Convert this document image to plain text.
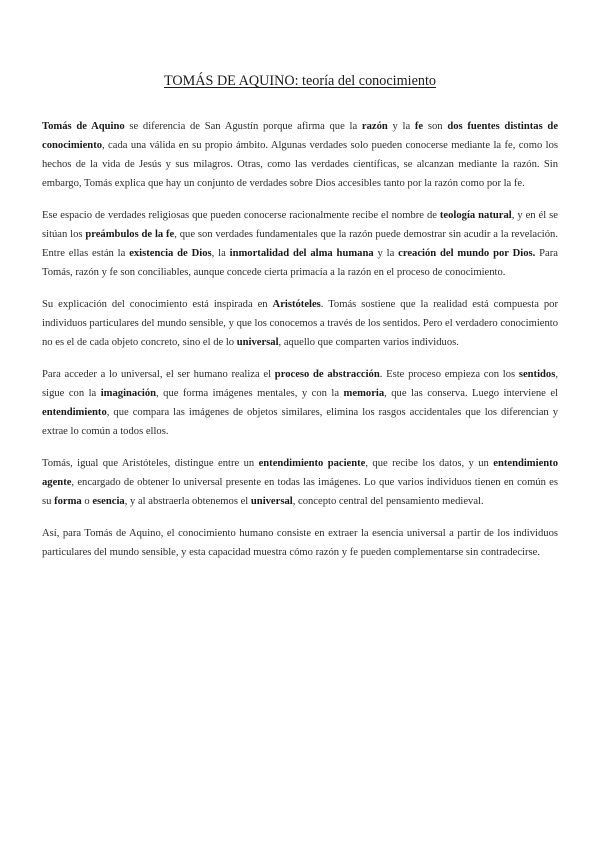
TOMÁS DE AQUINO: teoría del conocimiento

Tomás de Aquino se diferencia de San Agustín porque afirma que la razón y la fe son dos fuentes distintas de conocimiento, cada una válida en su propio ámbito. Algunas verdades solo pueden conocerse mediante la fe, como los hechos de la vida de Jesús y sus milagros. Otras, como las verdades científicas, se alcanzan mediante la razón. Sin embargo, Tomás explica que hay un conjunto de verdades sobre Dios accesibles tanto por la razón como por la fe.

Ese espacio de verdades religiosas que pueden conocerse racionalmente recibe el nombre de teología natural, y en él se sitúan los preámbulos de la fe, que son verdades fundamentales que la razón puede demostrar sin acudir a la revelación. Entre ellas están la existencia de Dios, la inmortalidad del alma humana y la creación del mundo por Dios. Para Tomás, razón y fe son conciliables, aunque concede cierta primacía a la razón en el proceso de conocimiento.

Su explicación del conocimiento está inspirada en Aristóteles. Tomás sostiene que la realidad está compuesta por individuos particulares del mundo sensible, y que los conocemos a través de los sentidos. Pero el verdadero conocimiento no es el de cada objeto concreto, sino el de lo universal, aquello que comparten varios individuos.

Para acceder a lo universal, el ser humano realiza el proceso de abstracción. Este proceso empieza con los sentidos, sigue con la imaginación, que forma imágenes mentales, y con la memoria, que las conserva. Luego interviene el entendimiento, que compara las imágenes de objetos similares, elimina los rasgos accidentales que los diferencian y extrae lo común a todos ellos.

Tomás, igual que Aristóteles, distingue entre un entendimiento paciente, que recibe los datos, y un entendimiento agente, encargado de obtener lo universal presente en todas las imágenes. Lo que varios individuos tienen en común es su forma o esencia, y al abstraerla obtenemos el universal, concepto central del pensamiento medieval.

Así, para Tomás de Aquino, el conocimiento humano consiste en extraer la esencia universal a partir de los individuos particulares del mundo sensible, y esta capacidad muestra cómo razón y fe pueden complementarse sin contradecirse.
